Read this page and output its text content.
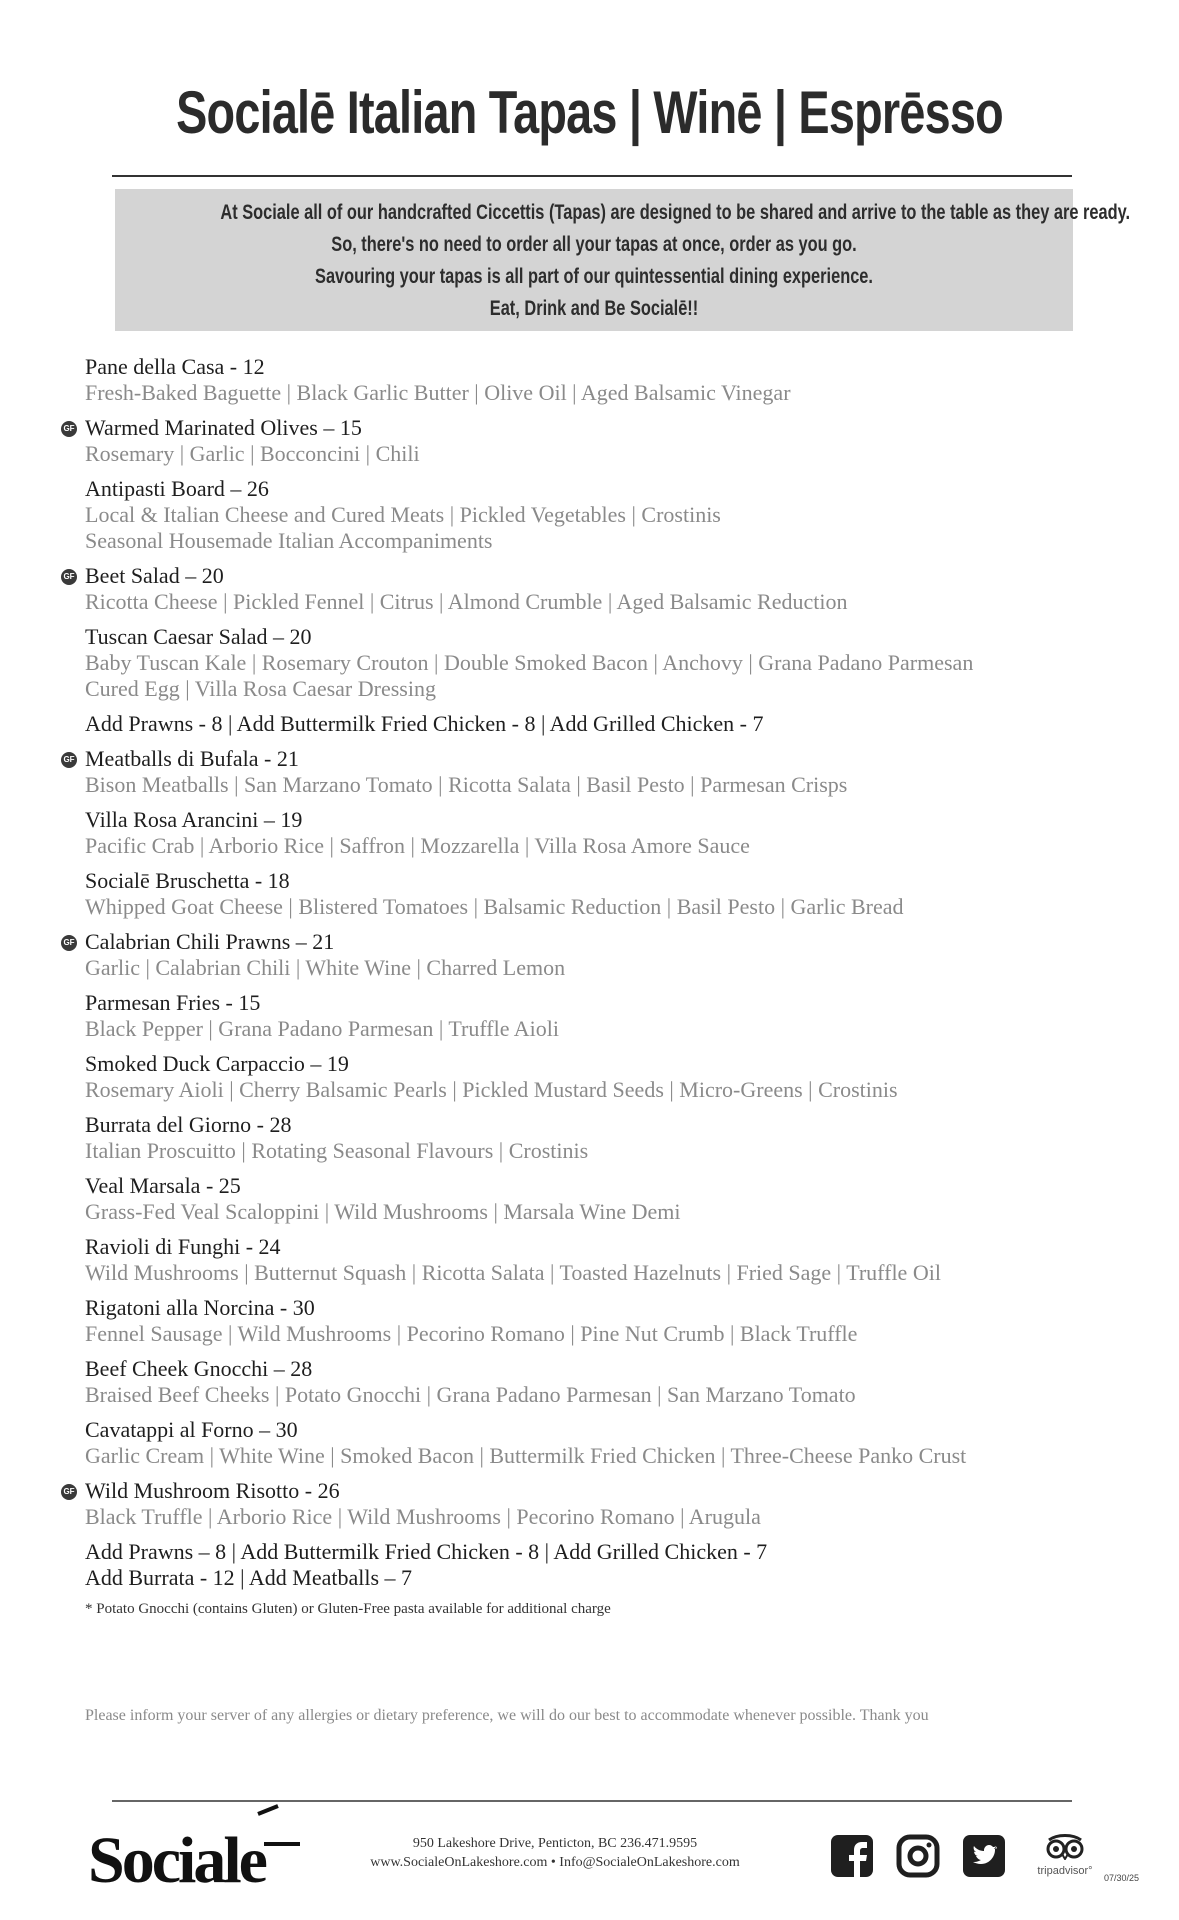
Socialē Italian Tapas | Winē | Esprēsso
At Sociale all of our handcrafted Ciccettis (Tapas) are designed to be shared and arrive to the table as they are ready.
So, there's no need to order all your tapas at once, order as you go.
Savouring your tapas is all part of our quintessential dining experience.
Eat, Drink and Be Socialē!!
Pane della Casa - 12
Fresh-Baked Baguette | Black Garlic Butter | Olive Oil | Aged Balsamic Vinegar
GF Warmed Marinated Olives – 15
Rosemary | Garlic | Bocconcini | Chili
Antipasti Board – 26
Local & Italian Cheese and Cured Meats | Pickled Vegetables | Crostinis
Seasonal Housemade Italian Accompaniments
GF Beet Salad – 20
Ricotta Cheese | Pickled Fennel | Citrus | Almond Crumble | Aged Balsamic Reduction
Tuscan Caesar Salad – 20
Baby Tuscan Kale | Rosemary Crouton | Double Smoked Bacon | Anchovy | Grana Padano Parmesan
Cured Egg | Villa Rosa Caesar Dressing
Add Prawns - 8 | Add Buttermilk Fried Chicken - 8 | Add Grilled Chicken - 7
GF Meatballs di Bufala - 21
Bison Meatballs | San Marzano Tomato | Ricotta Salata | Basil Pesto | Parmesan Crisps
Villa Rosa Arancini – 19
Pacific Crab | Arborio Rice | Saffron | Mozzarella | Villa Rosa Amore Sauce
Socialē Bruschetta - 18
Whipped Goat Cheese | Blistered Tomatoes | Balsamic Reduction | Basil Pesto | Garlic Bread
GF Calabrian Chili Prawns – 21
Garlic | Calabrian Chili | White Wine | Charred Lemon
Parmesan Fries - 15
Black Pepper | Grana Padano Parmesan | Truffle Aioli
Smoked Duck Carpaccio – 19
Rosemary Aioli | Cherry Balsamic Pearls | Pickled Mustard Seeds | Micro-Greens | Crostinis
Burrata del Giorno - 28
Italian Proscuitto | Rotating Seasonal Flavours | Crostinis
Veal Marsala - 25
Grass-Fed Veal Scaloppini | Wild Mushrooms | Marsala Wine Demi
Ravioli di Funghi - 24
Wild Mushrooms | Butternut Squash | Ricotta Salata | Toasted Hazelnuts | Fried Sage | Truffle Oil
Rigatoni alla Norcina - 30
Fennel Sausage | Wild Mushrooms | Pecorino Romano | Pine Nut Crumb | Black Truffle
Beef Cheek Gnocchi – 28
Braised Beef Cheeks | Potato Gnocchi | Grana Padano Parmesan | San Marzano Tomato
Cavatappi al Forno – 30
Garlic Cream | White Wine | Smoked Bacon | Buttermilk Fried Chicken | Three-Cheese Panko Crust
GF Wild Mushroom Risotto - 26
Black Truffle | Arborio Rice | Wild Mushrooms | Pecorino Romano | Arugula
Add Prawns – 8 | Add Buttermilk Fried Chicken - 8 | Add Grilled Chicken - 7
Add Burrata - 12 | Add Meatballs – 7
* Potato Gnocchi (contains Gluten) or Gluten-Free pasta available for additional charge
Please inform your server of any allergies or dietary preference, we will do our best to accommodate whenever possible. Thank you
Sociale	950 Lakeshore Drive, Penticton, BC 236.471.9595
www.SocialeOnLakeshore.com • Info@SocialeOnLakeshore.com
tripadvisor°
07/30/25
